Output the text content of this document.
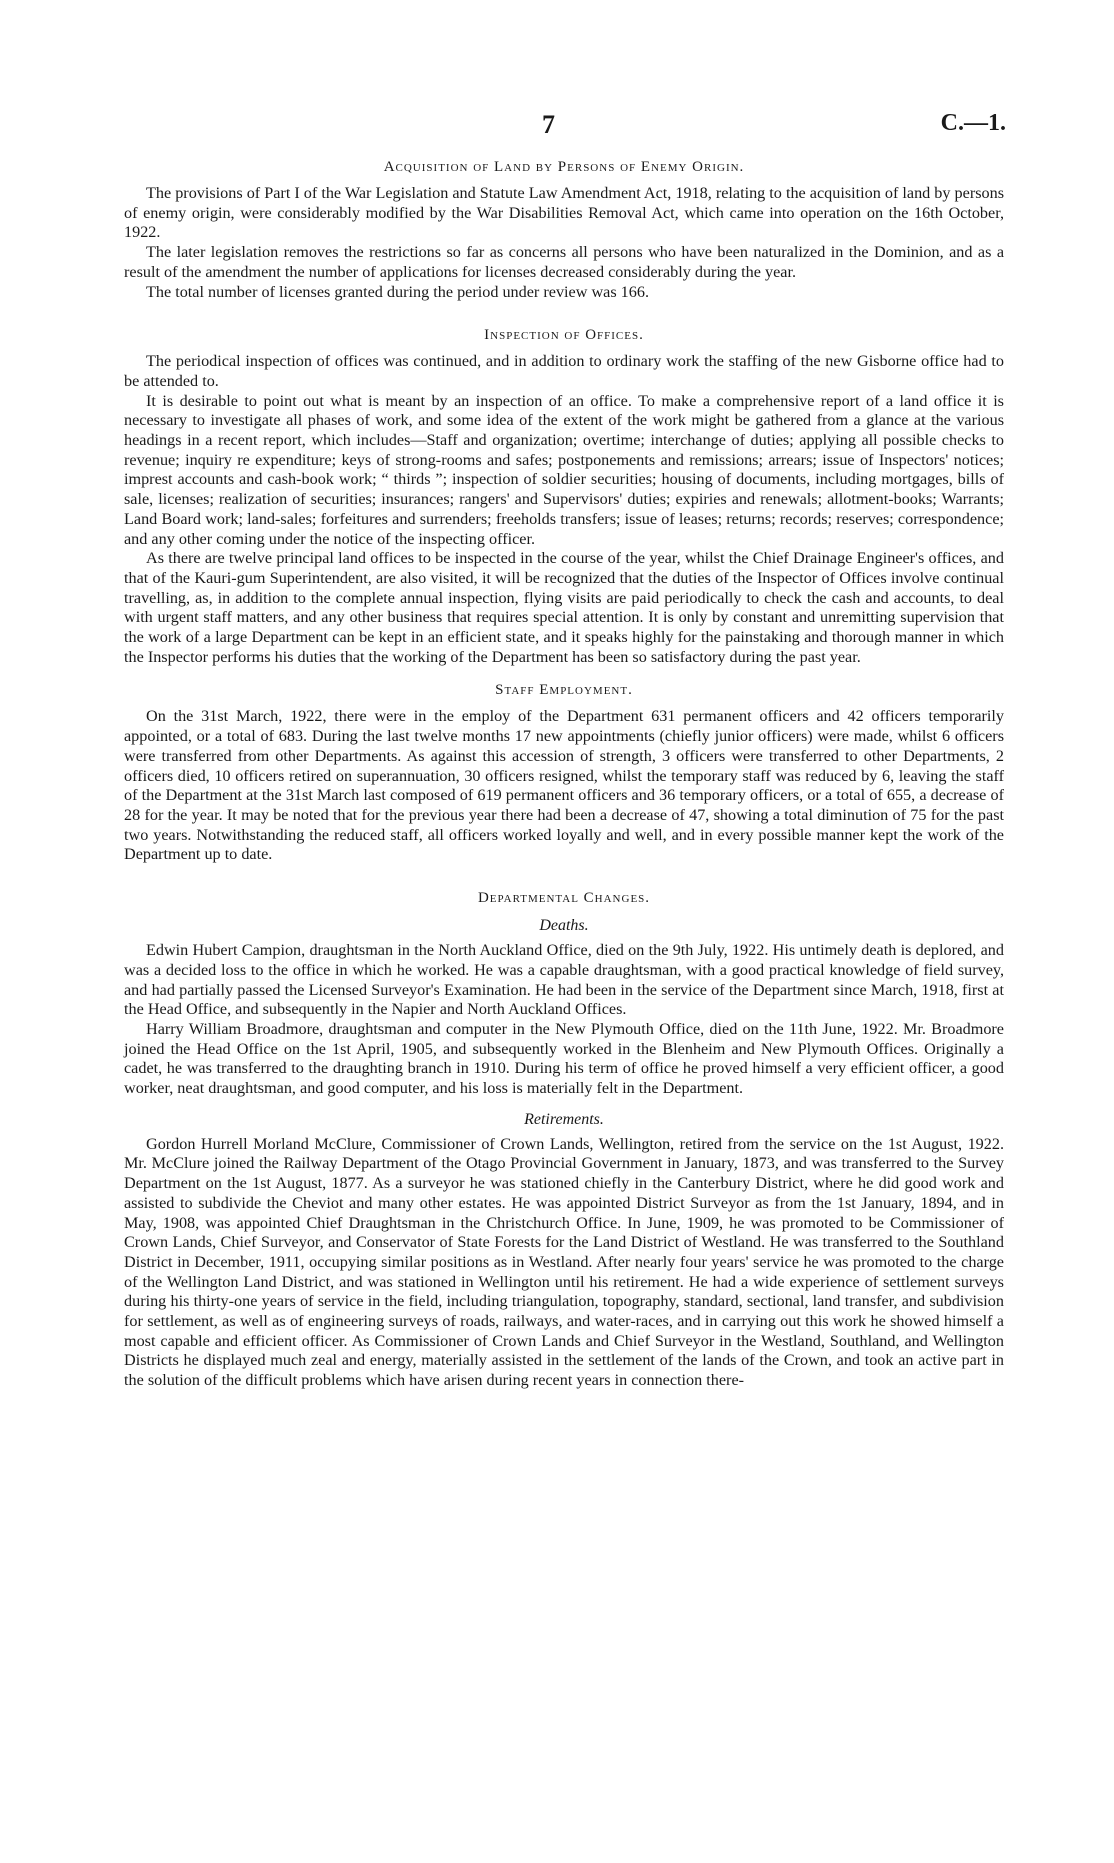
7	C.—1.
Acquisition of Land by Persons of Enemy Origin.

The provisions of Part I of the War Legislation and Statute Law Amendment Act, 1918, relating to the acquisition of land by persons of enemy origin, were considerably modified by the War Disabilities Removal Act, which came into operation on the 16th October, 1922.

The later legislation removes the restrictions so far as concerns all persons who have been naturalized in the Dominion, and as a result of the amendment the number of applications for licenses decreased considerably during the year.

The total number of licenses granted during the period under review was 166.

Inspection of Offices.

The periodical inspection of offices was continued, and in addition to ordinary work the staffing of the new Gisborne office had to be attended to.

It is desirable to point out what is meant by an inspection of an office. To make a comprehensive report of a land office it is necessary to investigate all phases of work, and some idea of the extent of the work might be gathered from a glance at the various headings in a recent report, which includes—Staff and organization; overtime; interchange of duties; applying all possible checks to revenue; inquiry re expenditure; keys of strong-rooms and safes; postponements and remissions; arrears; issue of Inspectors' notices; imprest accounts and cash-book work; “ thirds ”; inspection of soldier securities; housing of documents, including mortgages, bills of sale, licenses; realization of securities; insurances; rangers' and Supervisors' duties; expiries and renewals; allotment-books; Warrants; Land Board work; land-sales; forfeitures and surrenders; freeholds transfers; issue of leases; returns; records; reserves; correspondence; and any other coming under the notice of the inspecting officer.

As there are twelve principal land offices to be inspected in the course of the year, whilst the Chief Drainage Engineer's offices, and that of the Kauri-gum Superintendent, are also visited, it will be recognized that the duties of the Inspector of Offices involve continual travelling, as, in addition to the complete annual inspection, flying visits are paid periodically to check the cash and accounts, to deal with urgent staff matters, and any other business that requires special attention. It is only by constant and unremitting supervision that the work of a large Department can be kept in an efficient state, and it speaks highly for the painstaking and thorough manner in which the Inspector performs his duties that the working of the Department has been so satisfactory during the past year.

Staff Employment.

On the 31st March, 1922, there were in the employ of the Department 631 permanent officers and 42 officers temporarily appointed, or a total of 683. During the last twelve months 17 new appointments (chiefly junior officers) were made, whilst 6 officers were transferred from other Departments. As against this accession of strength, 3 officers were transferred to other Departments, 2 officers died, 10 officers retired on superannuation, 30 officers resigned, whilst the temporary staff was reduced by 6, leaving the staff of the Department at the 31st March last composed of 619 permanent officers and 36 temporary officers, or a total of 655, a decrease of 28 for the year. It may be noted that for the previous year there had been a decrease of 47, showing a total diminution of 75 for the past two years. Notwithstanding the reduced staff, all officers worked loyally and well, and in every possible manner kept the work of the Department up to date.

Departmental Changes.
Deaths.

Edwin Hubert Campion, draughtsman in the North Auckland Office, died on the 9th July, 1922. His untimely death is deplored, and was a decided loss to the office in which he worked. He was a capable draughtsman, with a good practical knowledge of field survey, and had partially passed the Licensed Surveyor's Examination. He had been in the service of the Department since March, 1918, first at the Head Office, and subsequently in the Napier and North Auckland Offices.

Harry William Broadmore, draughtsman and computer in the New Plymouth Office, died on the 11th June, 1922. Mr. Broadmore joined the Head Office on the 1st April, 1905, and subsequently worked in the Blenheim and New Plymouth Offices. Originally a cadet, he was transferred to the draughting branch in 1910. During his term of office he proved himself a very efficient officer, a good worker, neat draughtsman, and good computer, and his loss is materially felt in the Department.

Retirements.

Gordon Hurrell Morland McClure, Commissioner of Crown Lands, Wellington, retired from the service on the 1st August, 1922. Mr. McClure joined the Railway Department of the Otago Provincial Government in January, 1873, and was transferred to the Survey Department on the 1st August, 1877. As a surveyor he was stationed chiefly in the Canterbury District, where he did good work and assisted to subdivide the Cheviot and many other estates. He was appointed District Surveyor as from the 1st January, 1894, and in May, 1908, was appointed Chief Draughtsman in the Christchurch Office. In June, 1909, he was promoted to be Commissioner of Crown Lands, Chief Surveyor, and Conservator of State Forests for the Land District of Westland. He was transferred to the Southland District in December, 1911, occupying similar positions as in Westland. After nearly four years' service he was promoted to the charge of the Wellington Land District, and was stationed in Wellington until his retirement. He had a wide experience of settlement surveys during his thirty-one years of service in the field, including triangulation, topography, standard, sectional, land transfer, and subdivision for settlement, as well as of engineering surveys of roads, railways, and water-races, and in carrying out this work he showed himself a most capable and efficient officer. As Commissioner of Crown Lands and Chief Surveyor in the Westland, Southland, and Wellington Districts he displayed much zeal and energy, materially assisted in the settlement of the lands of the Crown, and took an active part in the solution of the difficult problems which have arisen during recent years in connection there-
